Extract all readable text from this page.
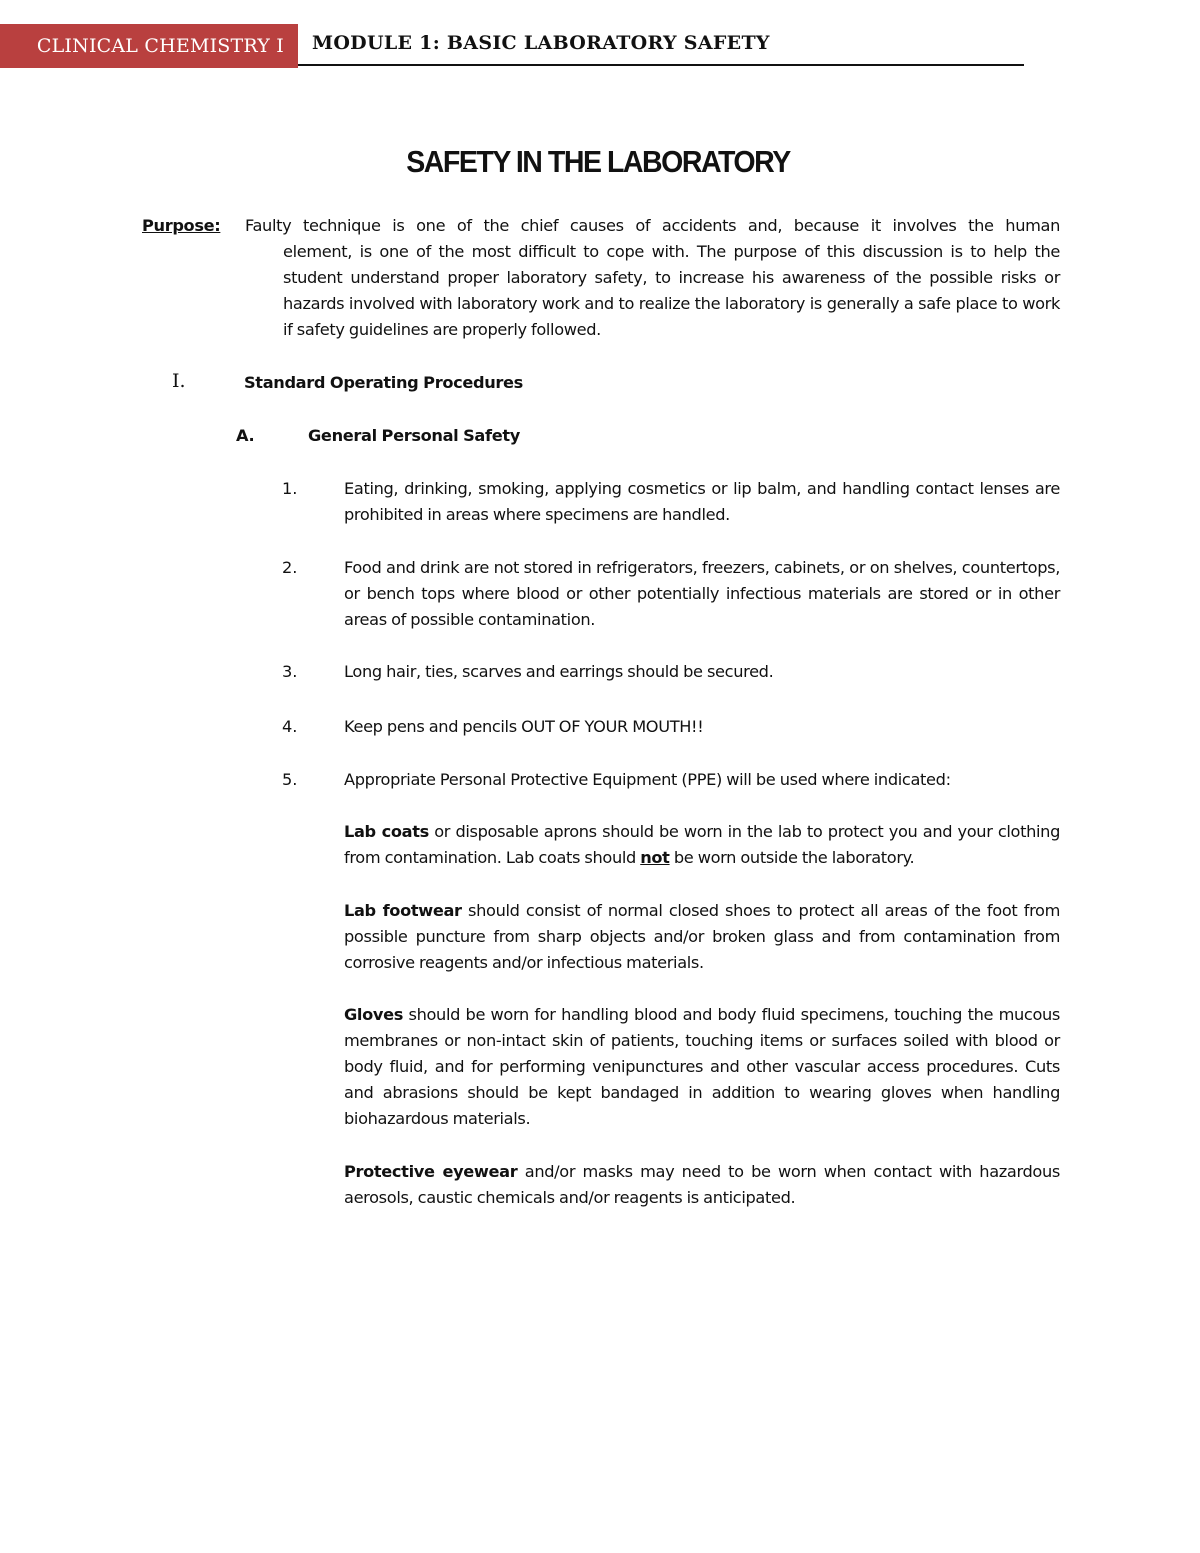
CLINICAL CHEMISTRY I MODULE 1: BASIC LABORATORY SAFETY
SAFETY IN THE LABORATORY
Purpose:	Faulty technique is one of the chief causes of accidents and, because it involves the human
element, is one of the most difficult to cope with. The purpose of this discussion is to help the student understand proper laboratory safety, to increase his awareness of the possible risks or hazards involved with laboratory work and to realize the laboratory is generally a safe place to work if safety guidelines are properly followed.
I.	Standard Operating Procedures
A.	General Personal Safety
1.	Eating, drinking, smoking, applying cosmetics or lip balm, and handling contact lenses are prohibited in areas where specimens are handled.
2.	Food and drink are not stored in refrigerators, freezers, cabinets, or on shelves, countertops, or bench tops where blood or other potentially infectious materials are stored or in other areas of possible contamination.
3.	Long hair, ties, scarves and earrings should be secured.
4.	Keep pens and pencils OUT OF YOUR MOUTH!!
5.	Appropriate Personal Protective Equipment (PPE) will be used where indicated:
Lab coats or disposable aprons should be worn in the lab to protect you and your clothing from contamination. Lab coats should not be worn outside the laboratory.
Lab footwear should consist of normal closed shoes to protect all areas of the foot from possible puncture from sharp objects and/or broken glass and from contamination from corrosive reagents and/or infectious materials.
Gloves should be worn for handling blood and body fluid specimens, touching the mucous membranes or non-intact skin of patients, touching items or surfaces soiled with blood or body fluid, and for performing venipunctures and other vascular access procedures. Cuts and abrasions should be kept bandaged in addition to wearing gloves when handling biohazardous materials.
Protective eyewear and/or masks may need to be worn when contact with hazardous aerosols, caustic chemicals and/or reagents is anticipated.
